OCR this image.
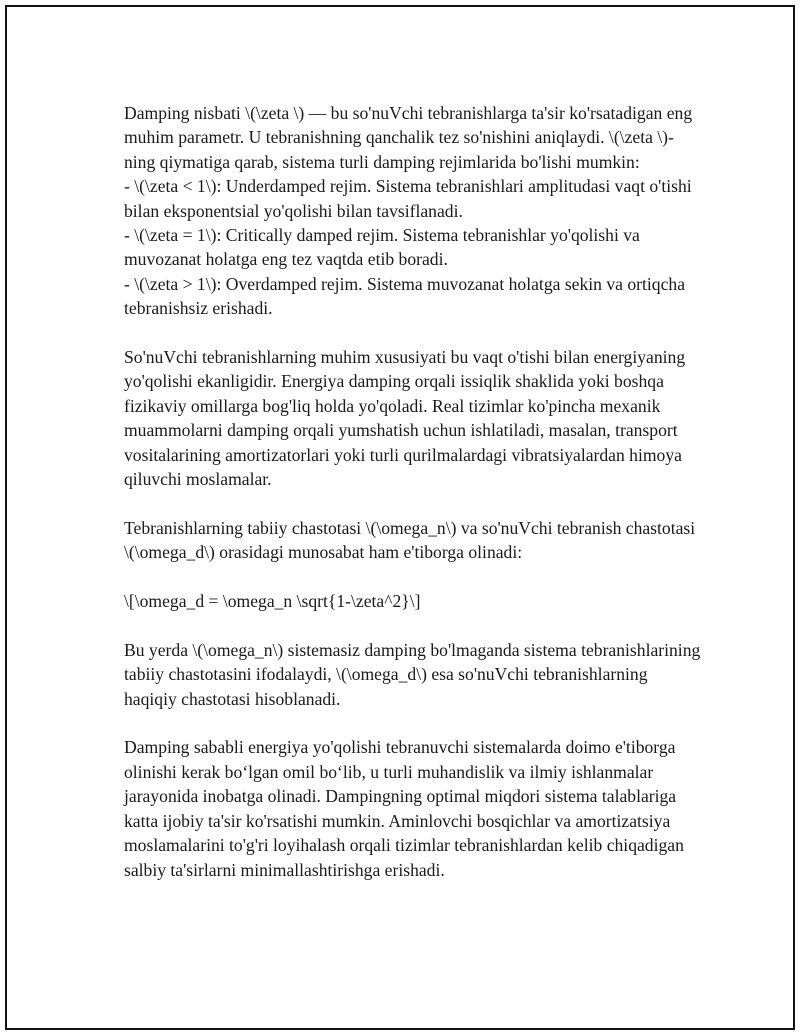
Damping nisbati \(\zeta \) — bu so'nuVchi tebranishlarga ta'sir ko'rsatadigan eng muhim parametr. U tebranishning qanchalik tez so'nishini aniqlaydi. \(\zeta \)-ning qiymatiga qarab, sistema turli damping rejimlarida bo'lishi mumkin:
- \(\zeta < 1\): Underdamped rejim. Sistema tebranishlari amplitudasi vaqt o'tishi bilan eksponentsial yo'qolishi bilan tavsiflanadi.
- \(\zeta = 1\): Critically damped rejim. Sistema tebranishlar yo'qolishi va muvozanat holatga eng tez vaqtda etib boradi.
- \(\zeta > 1\): Overdamped rejim. Sistema muvozanat holatga sekin va ortiqcha tebranishsiz erishadi.

So'nuVchi tebranishlarning muhim xususiyati bu vaqt o'tishi bilan energiyaning yo'qolishi ekanligidir. Energiya damping orqali issiqlik shaklida yoki boshqa fizikaviy omillarga bog'liq holda yo'qoladi. Real tizimlar ko'pincha mexanik muammolarni damping orqali yumshatish uchun ishlatiladi, masalan, transport vositalarining amortizatorlari yoki turli qurilmalardagi vibratsiyalardan himoya qiluvchi moslamalar.

Tebranishlarning tabiiy chastotasi \(\omega_n\) va so'nuVchi tebranish chastotasi \(\omega_d\) orasidagi munosabat ham e'tiborga olinadi:

\[\omega_d = \omega_n \sqrt{1-\zeta^2}\]

Bu yerda \(\omega_n\) sistemasiz damping bo'lmaganda sistema tebranishlarining tabiiy chastotasini ifodalaydi, \(\omega_d\) esa so'nuVchi tebranishlarning haqiqiy chastotasi hisoblanadi.

Damping sababli energiya yo'qolishi tebranuvchi sistemalarda doimo e'tiborga olinishi kerak bo‘lgan omil bo‘lib, u turli muhandislik va ilmiy ishlanmalar jarayonida inobatga olinadi. Dampingning optimal miqdori sistema talablariga katta ijobiy ta'sir ko'rsatishi mumkin. Aminlovchi bosqichlar va amortizatsiya moslamalarini to'g'ri loyihalash orqali tizimlar tebranishlardan kelib chiqadigan salbiy ta'sirlarni minimallashtirishga erishadi.
